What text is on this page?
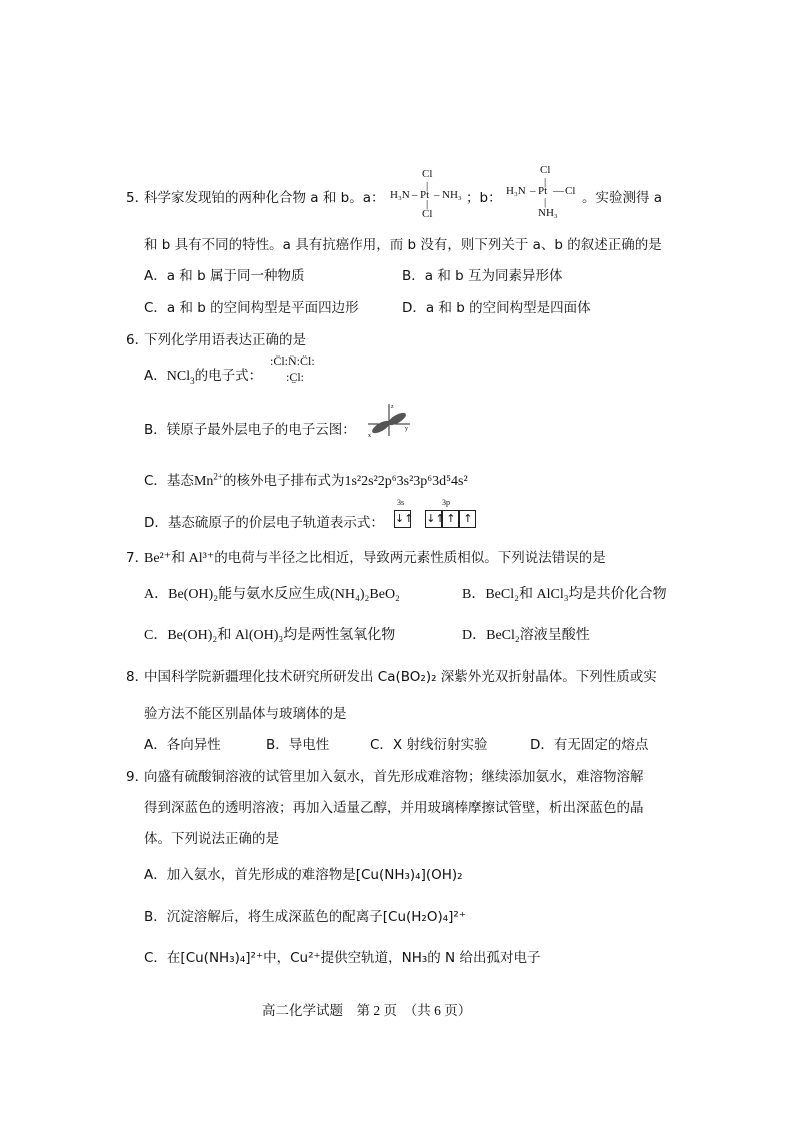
5．
科学家发现铂的两种化合物 a 和 b。a：
Cl
H₃N – Pt – NH₃
|
|
Cl
；b：
Cl
H₃N – Pt — Cl
|
|
NH₃
。实验测得 a
和 b 具有不同的特性。a 具有抗癌作用，而 b 没有，则下列关于 a、b 的叙述正确的是
A．a 和 b 属于同一种物质	B．a 和 b 互为同素异形体
C．a 和 b 的空间构型是平面四边形	D．a 和 b 的空间构型是四面体
6．
下列化学用语表达正确的是
A．NCl$_3$的电子式：
:C̈l:N̈:C̈l:
:C̤l:
B．镁原子最外层电子的电子云图：
z
y
x
C．基态$Mn^{2+}$的核外电子排布式为1s²2s²2p⁶3s²3p⁶3d⁵4s²
D．基态硫原子的价层电子轨道表示式：
3s	3p
↓↑ ↓↑↑ ↑
7．
Be²⁺和 Al³⁺的电荷与半径之比相近，导致两元素性质相似。下列说法错误的是
A．Be(OH)₂能与氨水反应生成(NH₄)₂BeO₂	B．BeCl₂和 AlCl₃均是共价化合物
C．Be(OH)₂和 Al(OH)₃均是两性氢氧化物	D．BeCl₂溶液呈酸性
8．
中国科学院新疆理化技术研究所研发出 Ca(BO₂)₂ 深紫外光双折射晶体。下列性质或实
验方法不能区别晶体与玻璃体的是
A．各向异性	B．导电性	C．X 射线衍射实验	D．有无固定的熔点
9．
向盛有硫酸铜溶液的试管里加入氨水，首先形成难溶物；继续添加氨水，难溶物溶解
得到深蓝色的透明溶液；再加入适量乙醇，并用玻璃棒摩擦试管壁，析出深蓝色的晶
体。下列说法正确的是
A．加入氨水，首先形成的难溶物是[Cu(NH₃)₄](OH)₂
B．沉淀溶解后，将生成深蓝色的配离子[Cu(H₂O)₄]²⁺
C．在[Cu(NH₃)₄]²⁺中，Cu²⁺提供空轨道，NH₃的 N 给出孤对电子
高二化学试题　第 2 页　（共 6 页）
